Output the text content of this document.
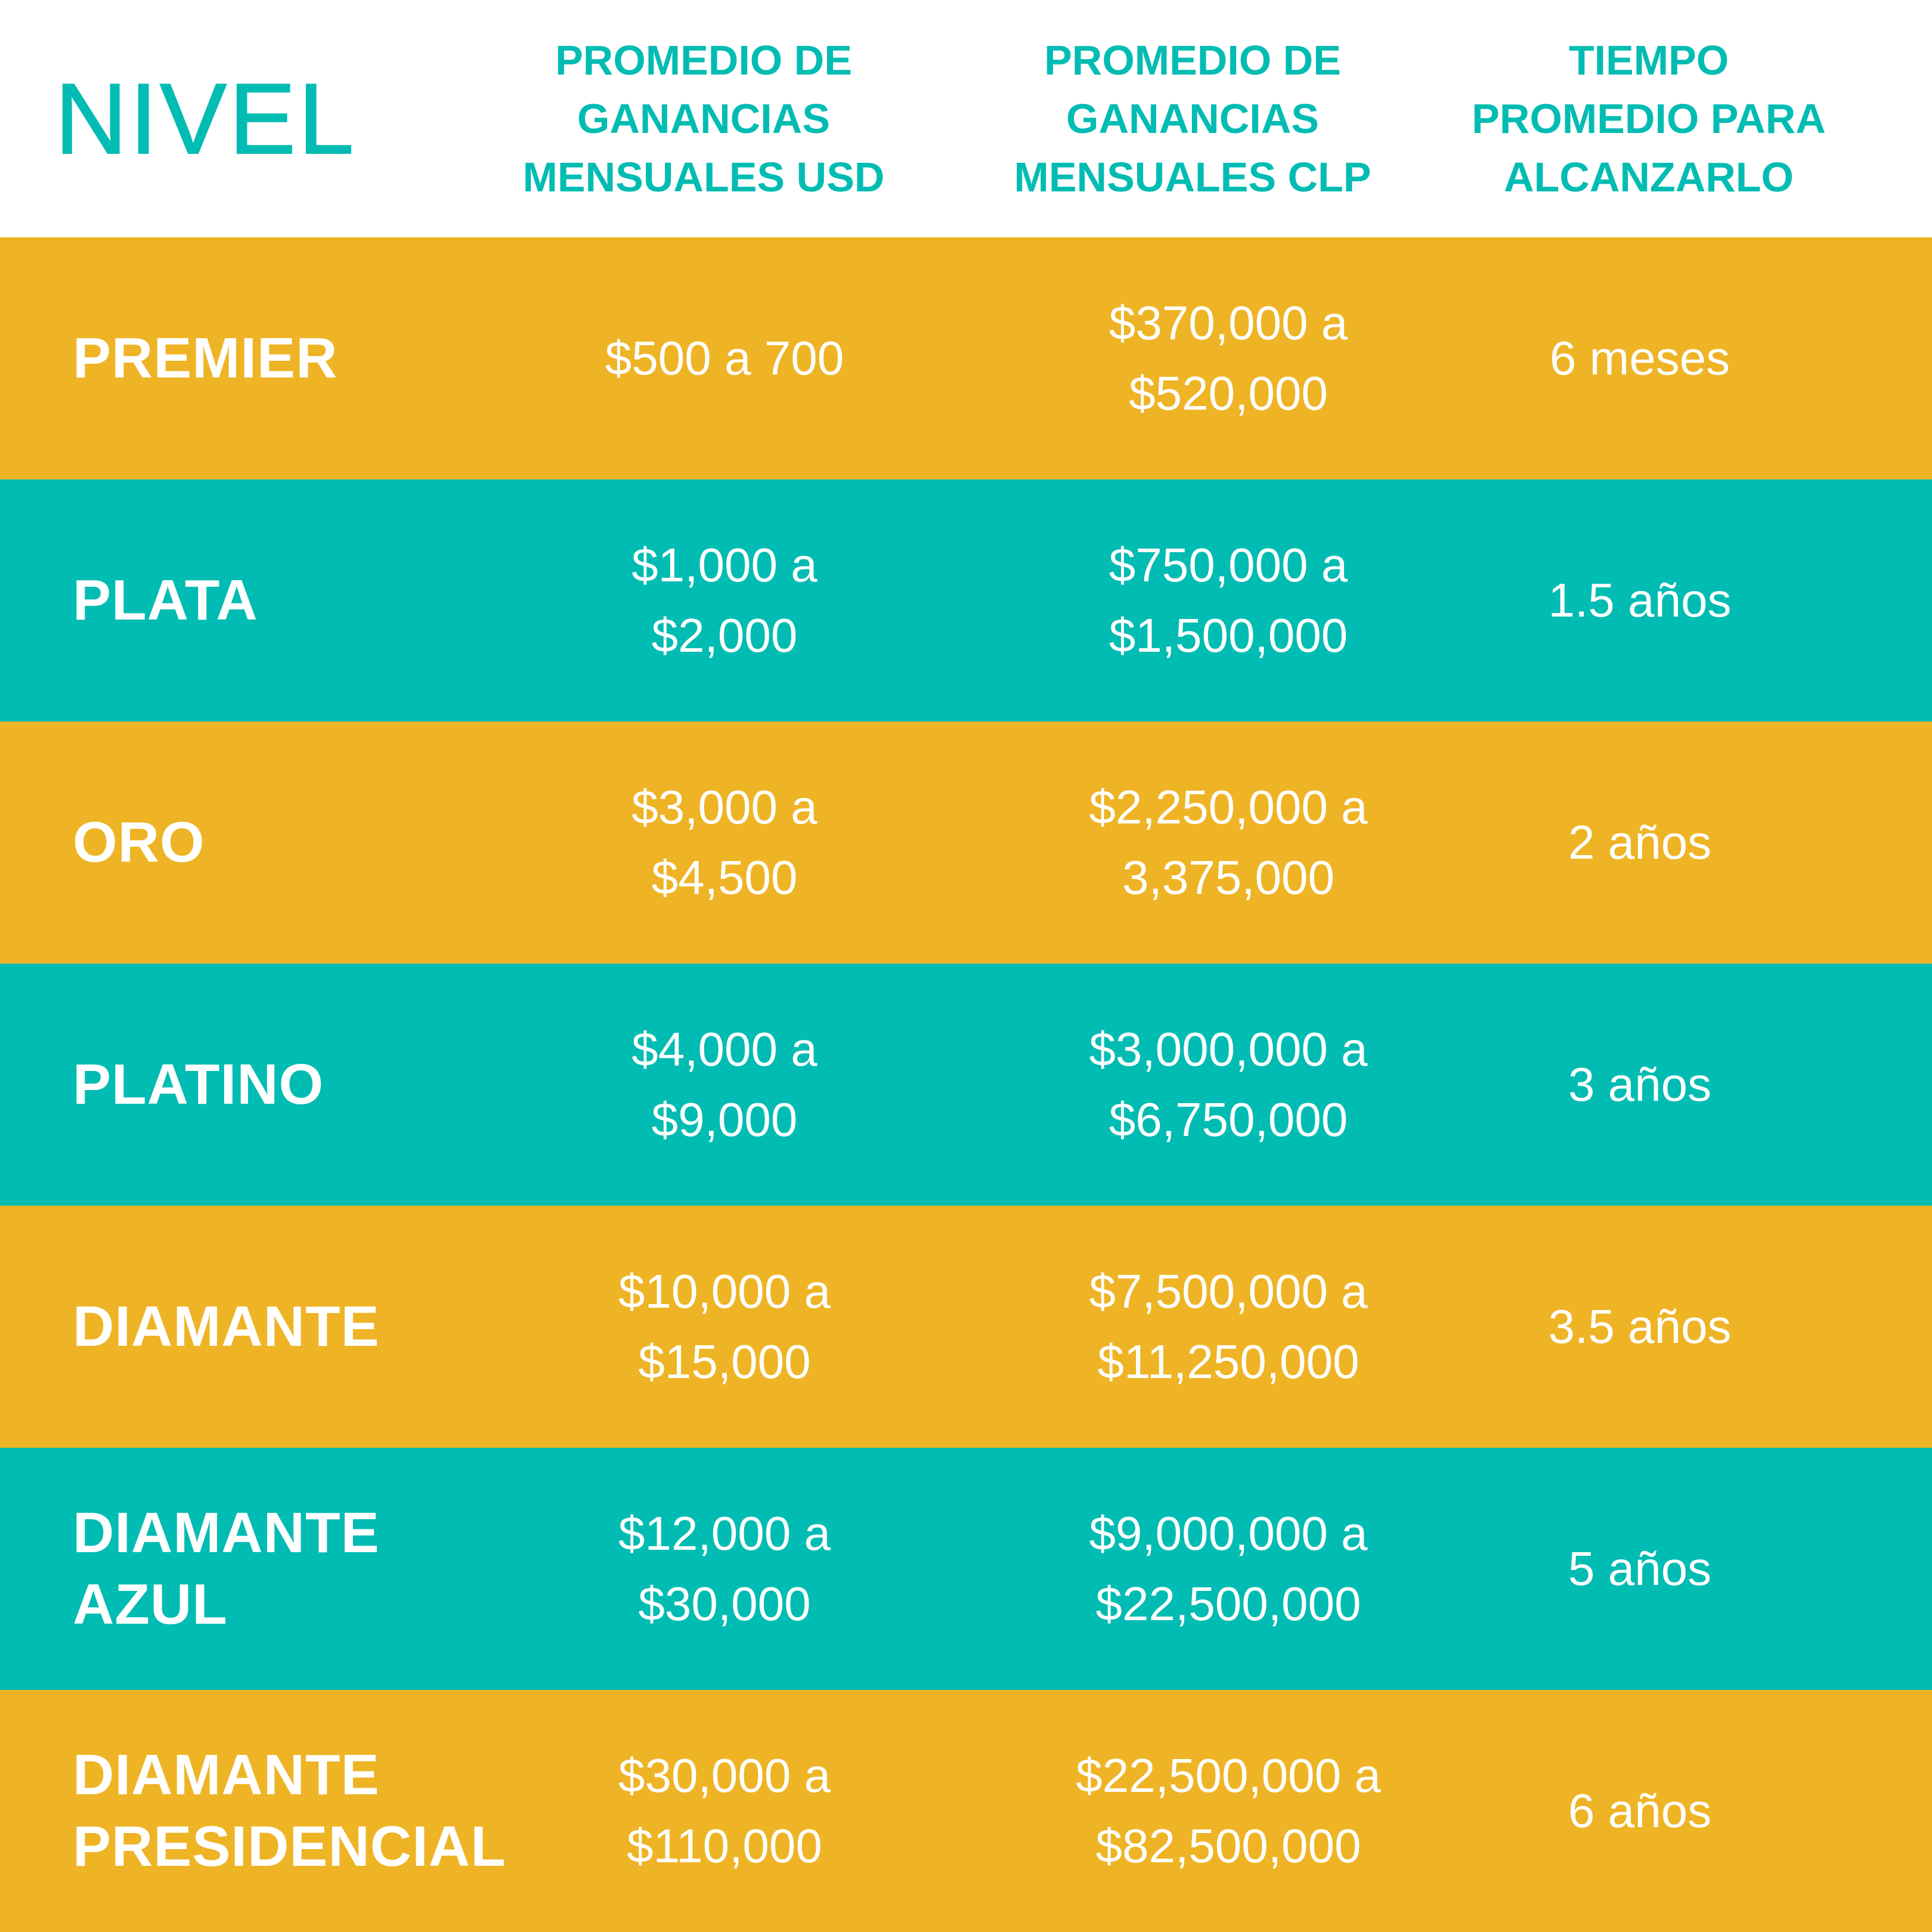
NIVEL
PROMEDIO DE
GANANCIAS
MENSUALES USD
PROMEDIO DE
GANANCIAS
MENSUALES CLP
TIEMPO
PROMEDIO PARA
ALCANZARLO
PREMIER	$500 a 700
$370,000 a
$520,000
6 meses
PLATA
$1,000 a
$2,000
$750,000 a
$1,500,000
1.5 años
ORO
$3,000 a
$4,500
$2,250,000 a
3,375,000
2 años
PLATINO
$4,000 a
$9,000
$3,000,000 a
$6,750,000
3 años
DIAMANTE
$10,000 a
$15,000
$7,500,000 a
$11,250,000
3.5 años
DIAMANTE
AZUL
$12,000 a
$30,000
$9,000,000 a
$22,500,000
5 años
DIAMANTE
PRESIDENCIAL
$30,000 a
$110,000
$22,500,000 a
$82,500,000
6 años
